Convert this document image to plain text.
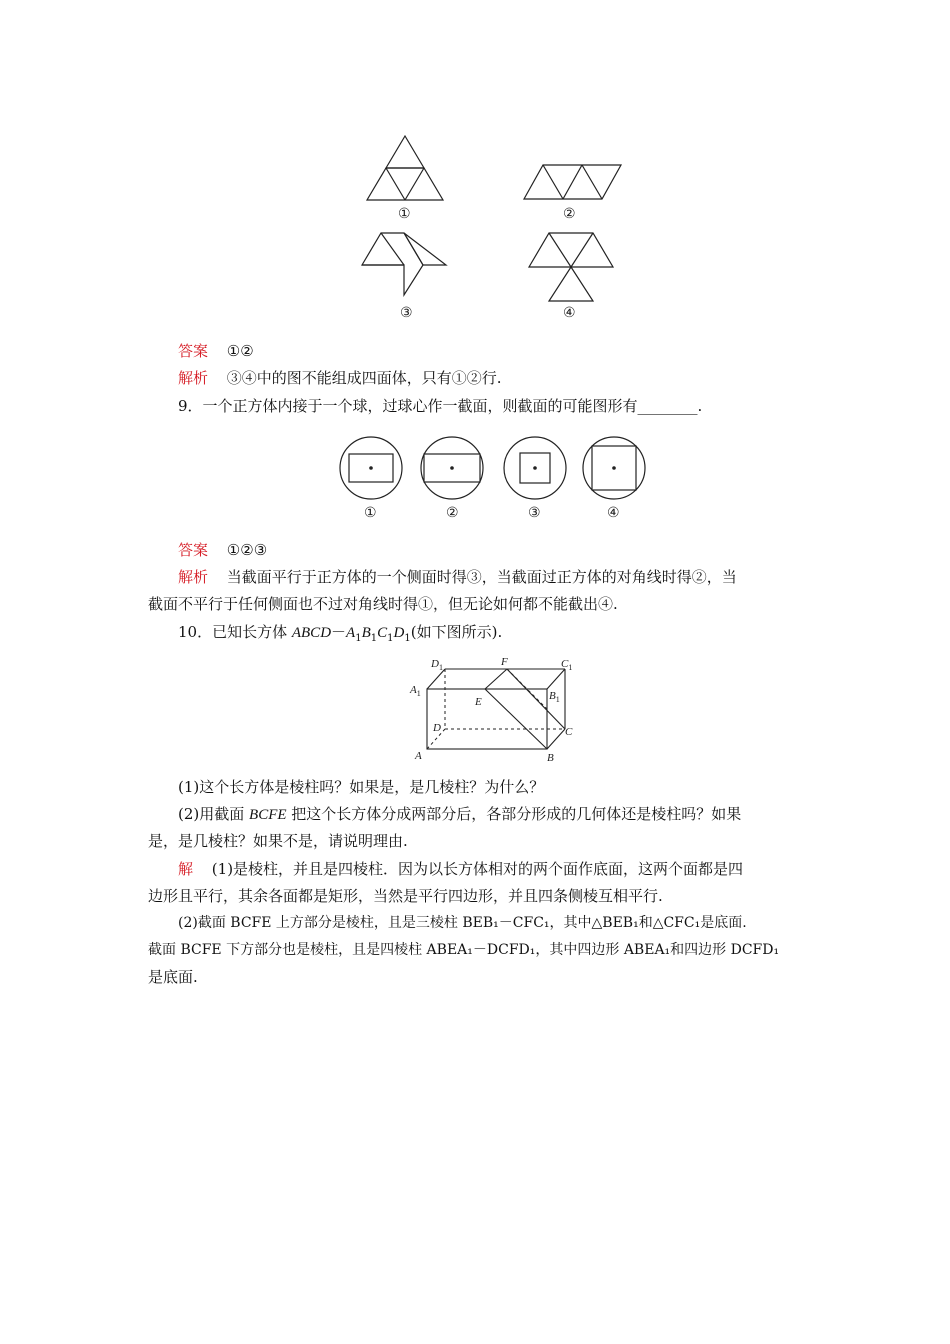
①	②
③	④
答案 ①②
解析 ③④中的图不能组成四面体，只有①②行.
9．一个正方体内接于一个球，过球心作一截面，则截面的可能图形有________.
①	②	③	④
答案 ①②③
解析 当截面平行于正方体的一个侧面时得③，当截面过正方体的对角线时得②，当
截面不平行于任何侧面也不过对角线时得①，但无论如何都不能截出④.
10．已知长方体 $ABCD-A_1B_1C_1D_1$(如下图所示).
$D_1$	F	$C_1$
$A_1$	$B_1$
E
D	C
A	B
(1)这个长方体是棱柱吗？如果是，是几棱柱？为什么？
(2)用截面 BCFE 把这个长方体分成两部分后，各部分形成的几何体还是棱柱吗？如果
是，是几棱柱？如果不是，请说明理由.
解 (1)是棱柱，并且是四棱柱．因为以长方体相对的两个面作底面，这两个面都是四
边形且平行，其余各面都是矩形，当然是平行四边形，并且四条侧棱互相平行.
(2)截面 BCFE 上方部分是棱柱，且是三棱柱 BEB₁－CFC₁，其中△BEB₁和△CFC₁是底面.
截面 BCFE 下方部分也是棱柱，且是四棱柱 ABEA₁－DCFD₁，其中四边形 ABEA₁和四边形 DCFD₁
是底面.
